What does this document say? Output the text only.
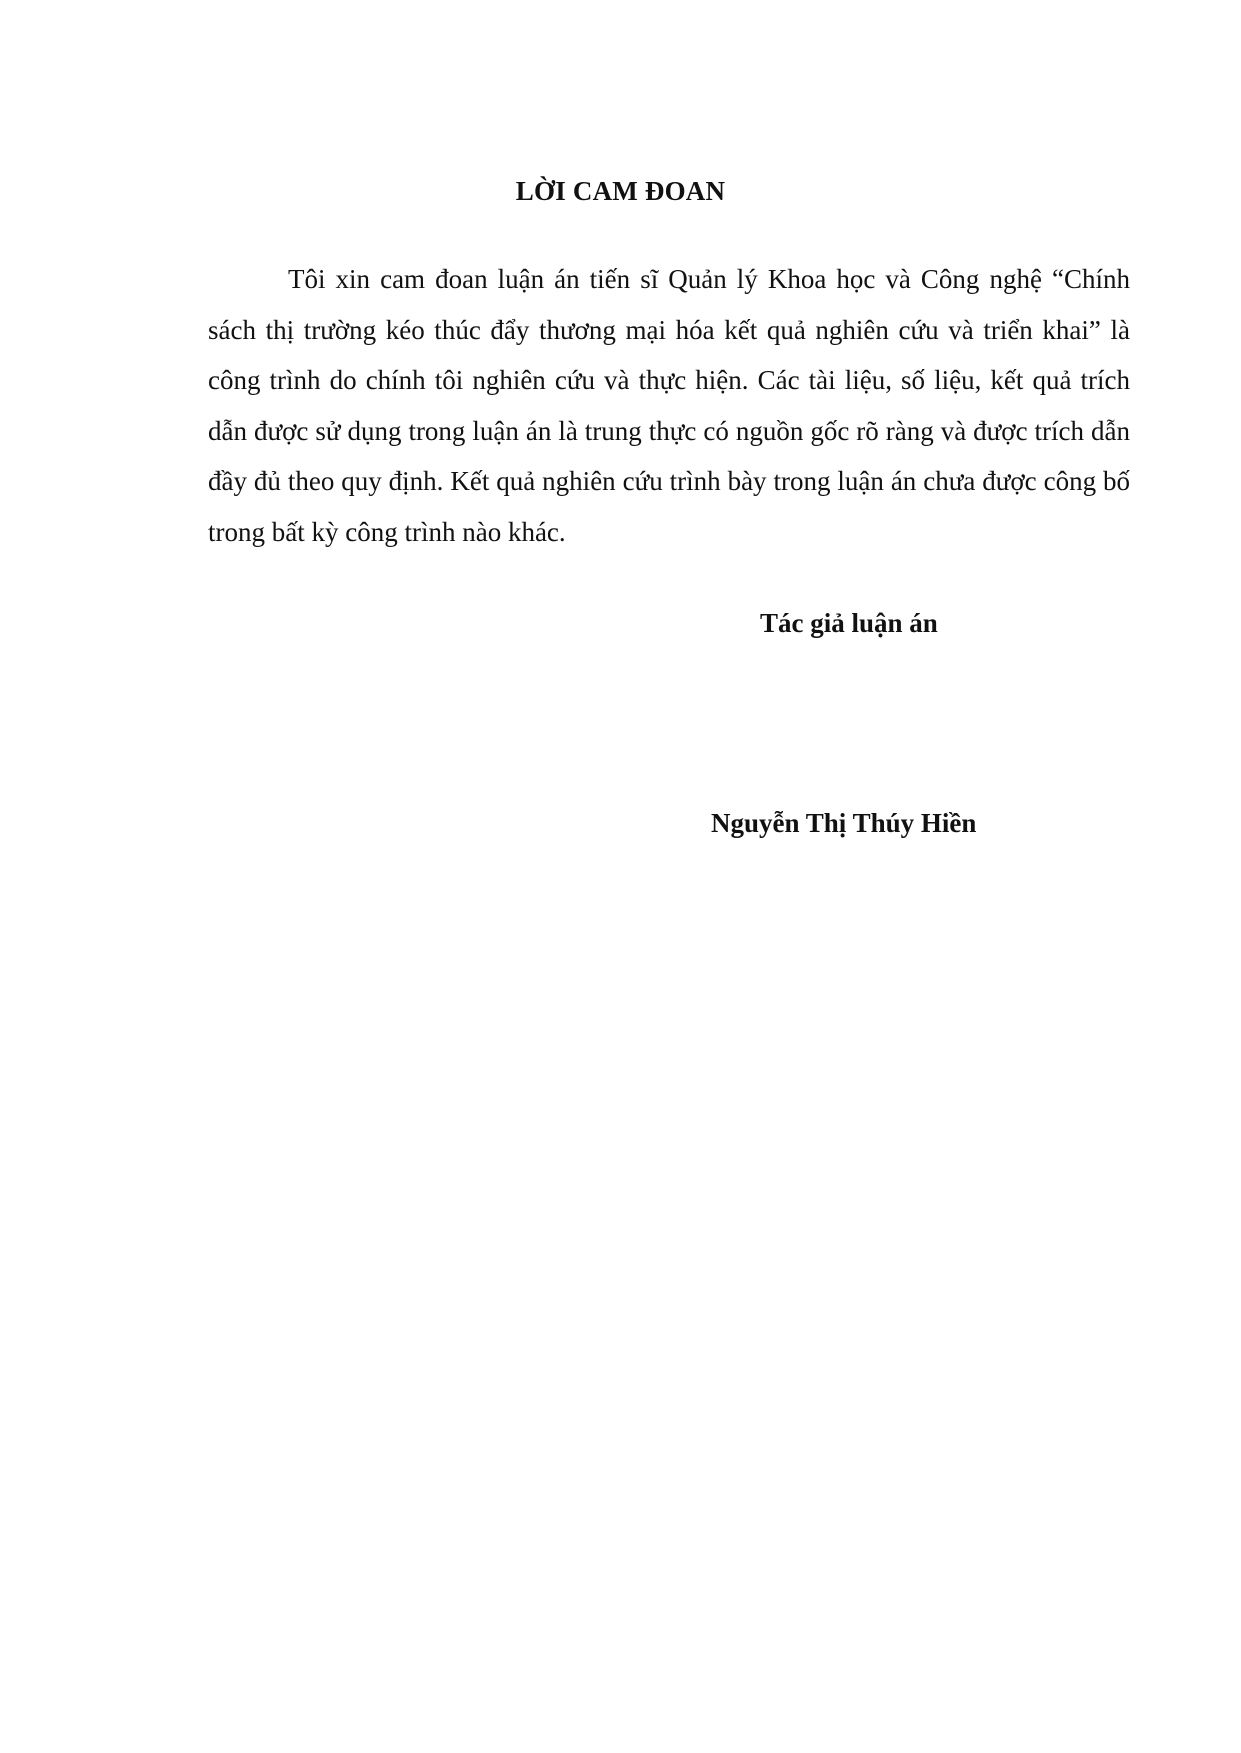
LỜI CAM ĐOAN

Tôi xin cam đoan luận án tiến sĩ Quản lý Khoa học và Công nghệ “Chính sách thị trường kéo thúc đẩy thương mại hóa kết quả nghiên cứu và triển khai” là công trình do chính tôi nghiên cứu và thực hiện. Các tài liệu, số liệu, kết quả trích dẫn được sử dụng trong luận án là trung thực có nguồn gốc rõ ràng và được trích dẫn đầy đủ theo quy định. Kết quả nghiên cứu trình bày trong luận án chưa được công bố trong bất kỳ công trình nào khác.

Tác giả luận án
Nguyễn Thị Thúy Hiền
